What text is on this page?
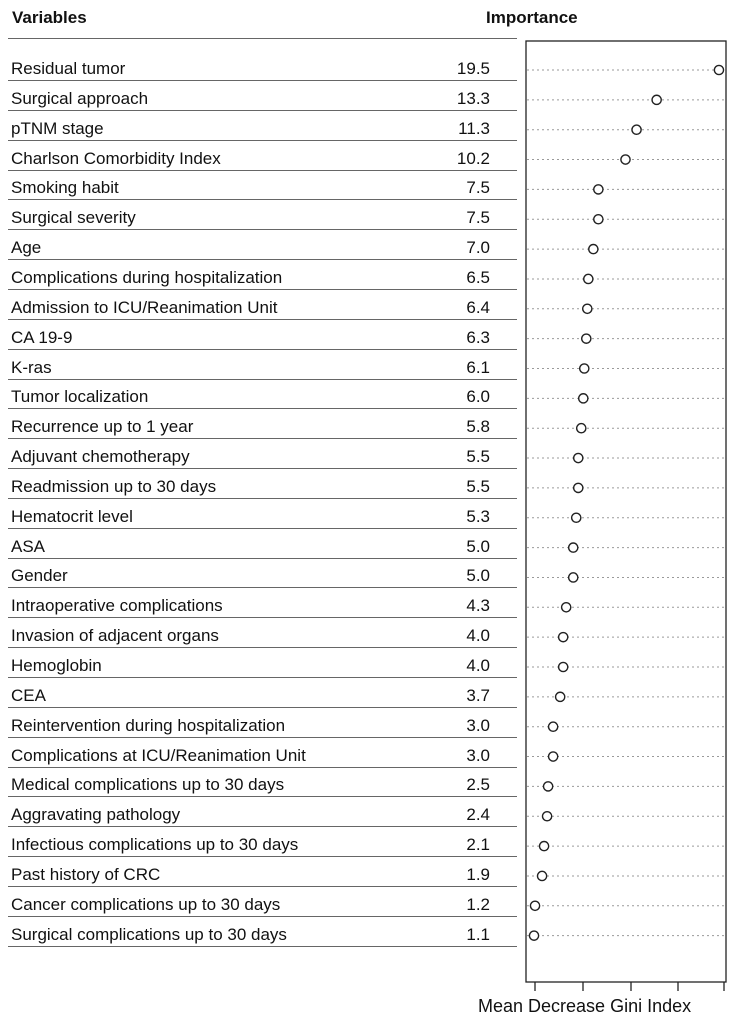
Variables	Importance
Residual tumor	19.5
Surgical approach	13.3
pTNM stage	11.3
Charlson Comorbidity Index	10.2
Smoking habit	7.5
Surgical severity	7.5
Age	7.0
Complications during hospitalization	6.5
Admission to ICU/Reanimation Unit	6.4
CA 19-9	6.3
K-ras	6.1
Tumor localization	6.0
Recurrence up to 1 year	5.8
Adjuvant chemotherapy	5.5
Readmission up to 30 days	5.5
Hematocrit level	5.3
ASA	5.0
Gender	5.0
Intraoperative complications	4.3
Invasion of adjacent organs	4.0
Hemoglobin	4.0
CEA	3.7
Reintervention during hospitalization	3.0
Complications at ICU/Reanimation Unit	3.0
Medical complications up to 30 days	2.5
Aggravating pathology	2.4
Infectious complications up to 30 days	2.1
Past history of CRC	1.9
Cancer complications up to 30 days	1.2
Surgical complications up to 30 days	1.1
Mean Decrease Gini Index
